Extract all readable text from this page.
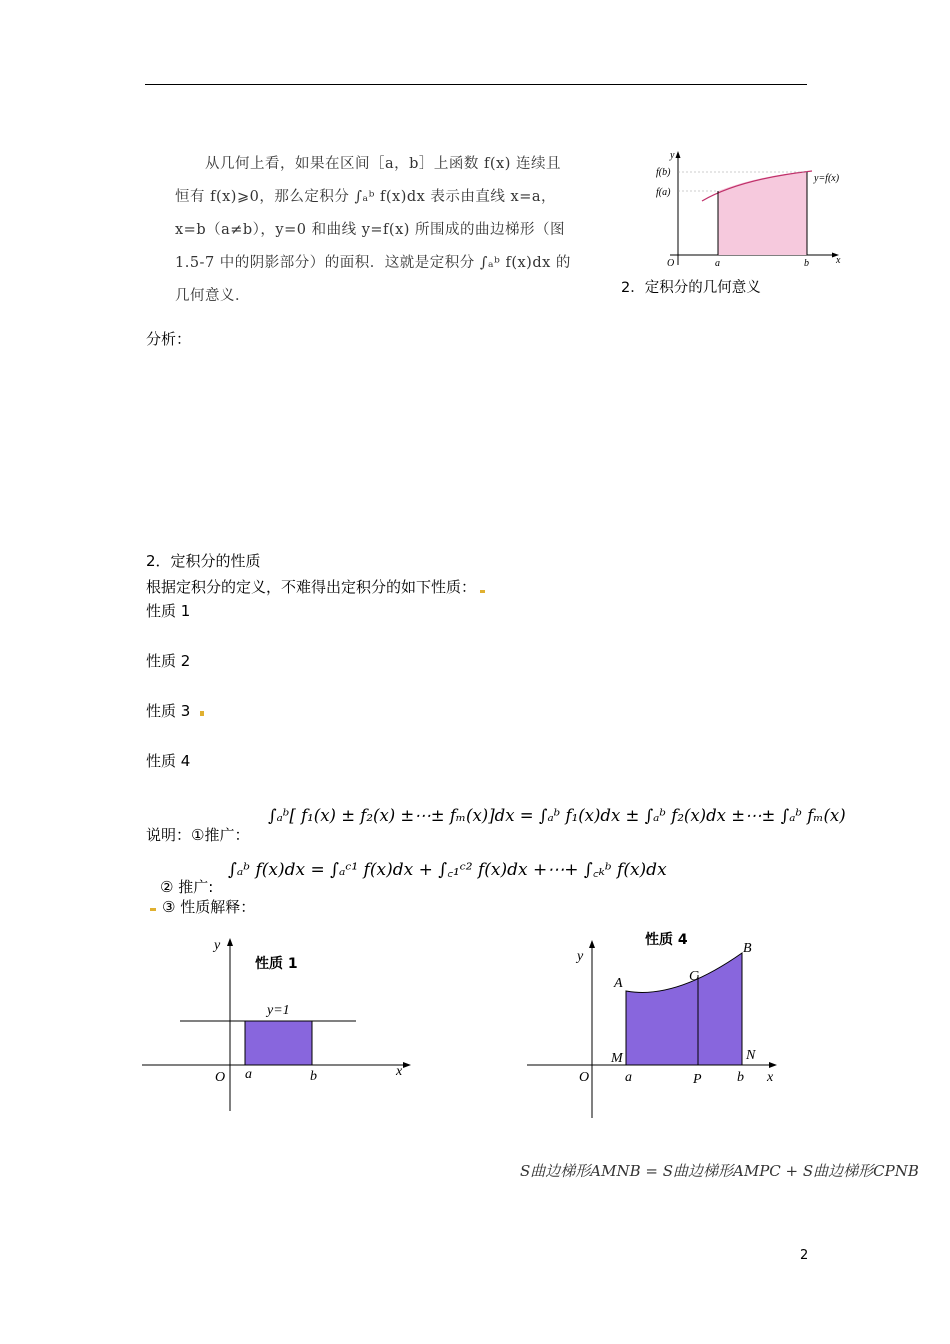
从几何上看，如果在区间［a，b］上函数 f(x) 连续且
恒有 f(x)⩾0，那么定积分 ∫ₐᵇ f(x)dx 表示由直线 x=a，
x=b（a≠b），y=0 和曲线 y=f(x) 所围成的曲边梯形（图
1.5-7 中的阴影部分）的面积．这就是定积分 ∫ₐᵇ f(x)dx 的
几何意义．
y
f(b)
f(a)
y=f(x)
O	a	b	x
2．定积分的几何意义
分析：
2．定积分的性质
根据定积分的定义，不难得出定积分的如下性质：
性质 1
性质 2
性质 3
性质 4
说明：①推广：
∫ₐᵇ[ f₁(x) ± f₂(x) ±⋯± fₘ(x)]dx = ∫ₐᵇ f₁(x)dx ± ∫ₐᵇ f₂(x)dx ±⋯± ∫ₐᵇ fₘ(x)
② 推广:
∫ₐᵇ f(x)dx = ∫ₐᶜ¹ f(x)dx + ∫꜀₁ᶜ² f(x)dx +⋯+ ∫꜀ₖᵇ f(x)dx
③ 性质解释：
性质 1
y
y=1
O a	b	x
性质 4
y
A
B
C
M	N
O	a	P	b x
S曲边梯形AMNB = S曲边梯形AMPC + S曲边梯形CPNB
2
